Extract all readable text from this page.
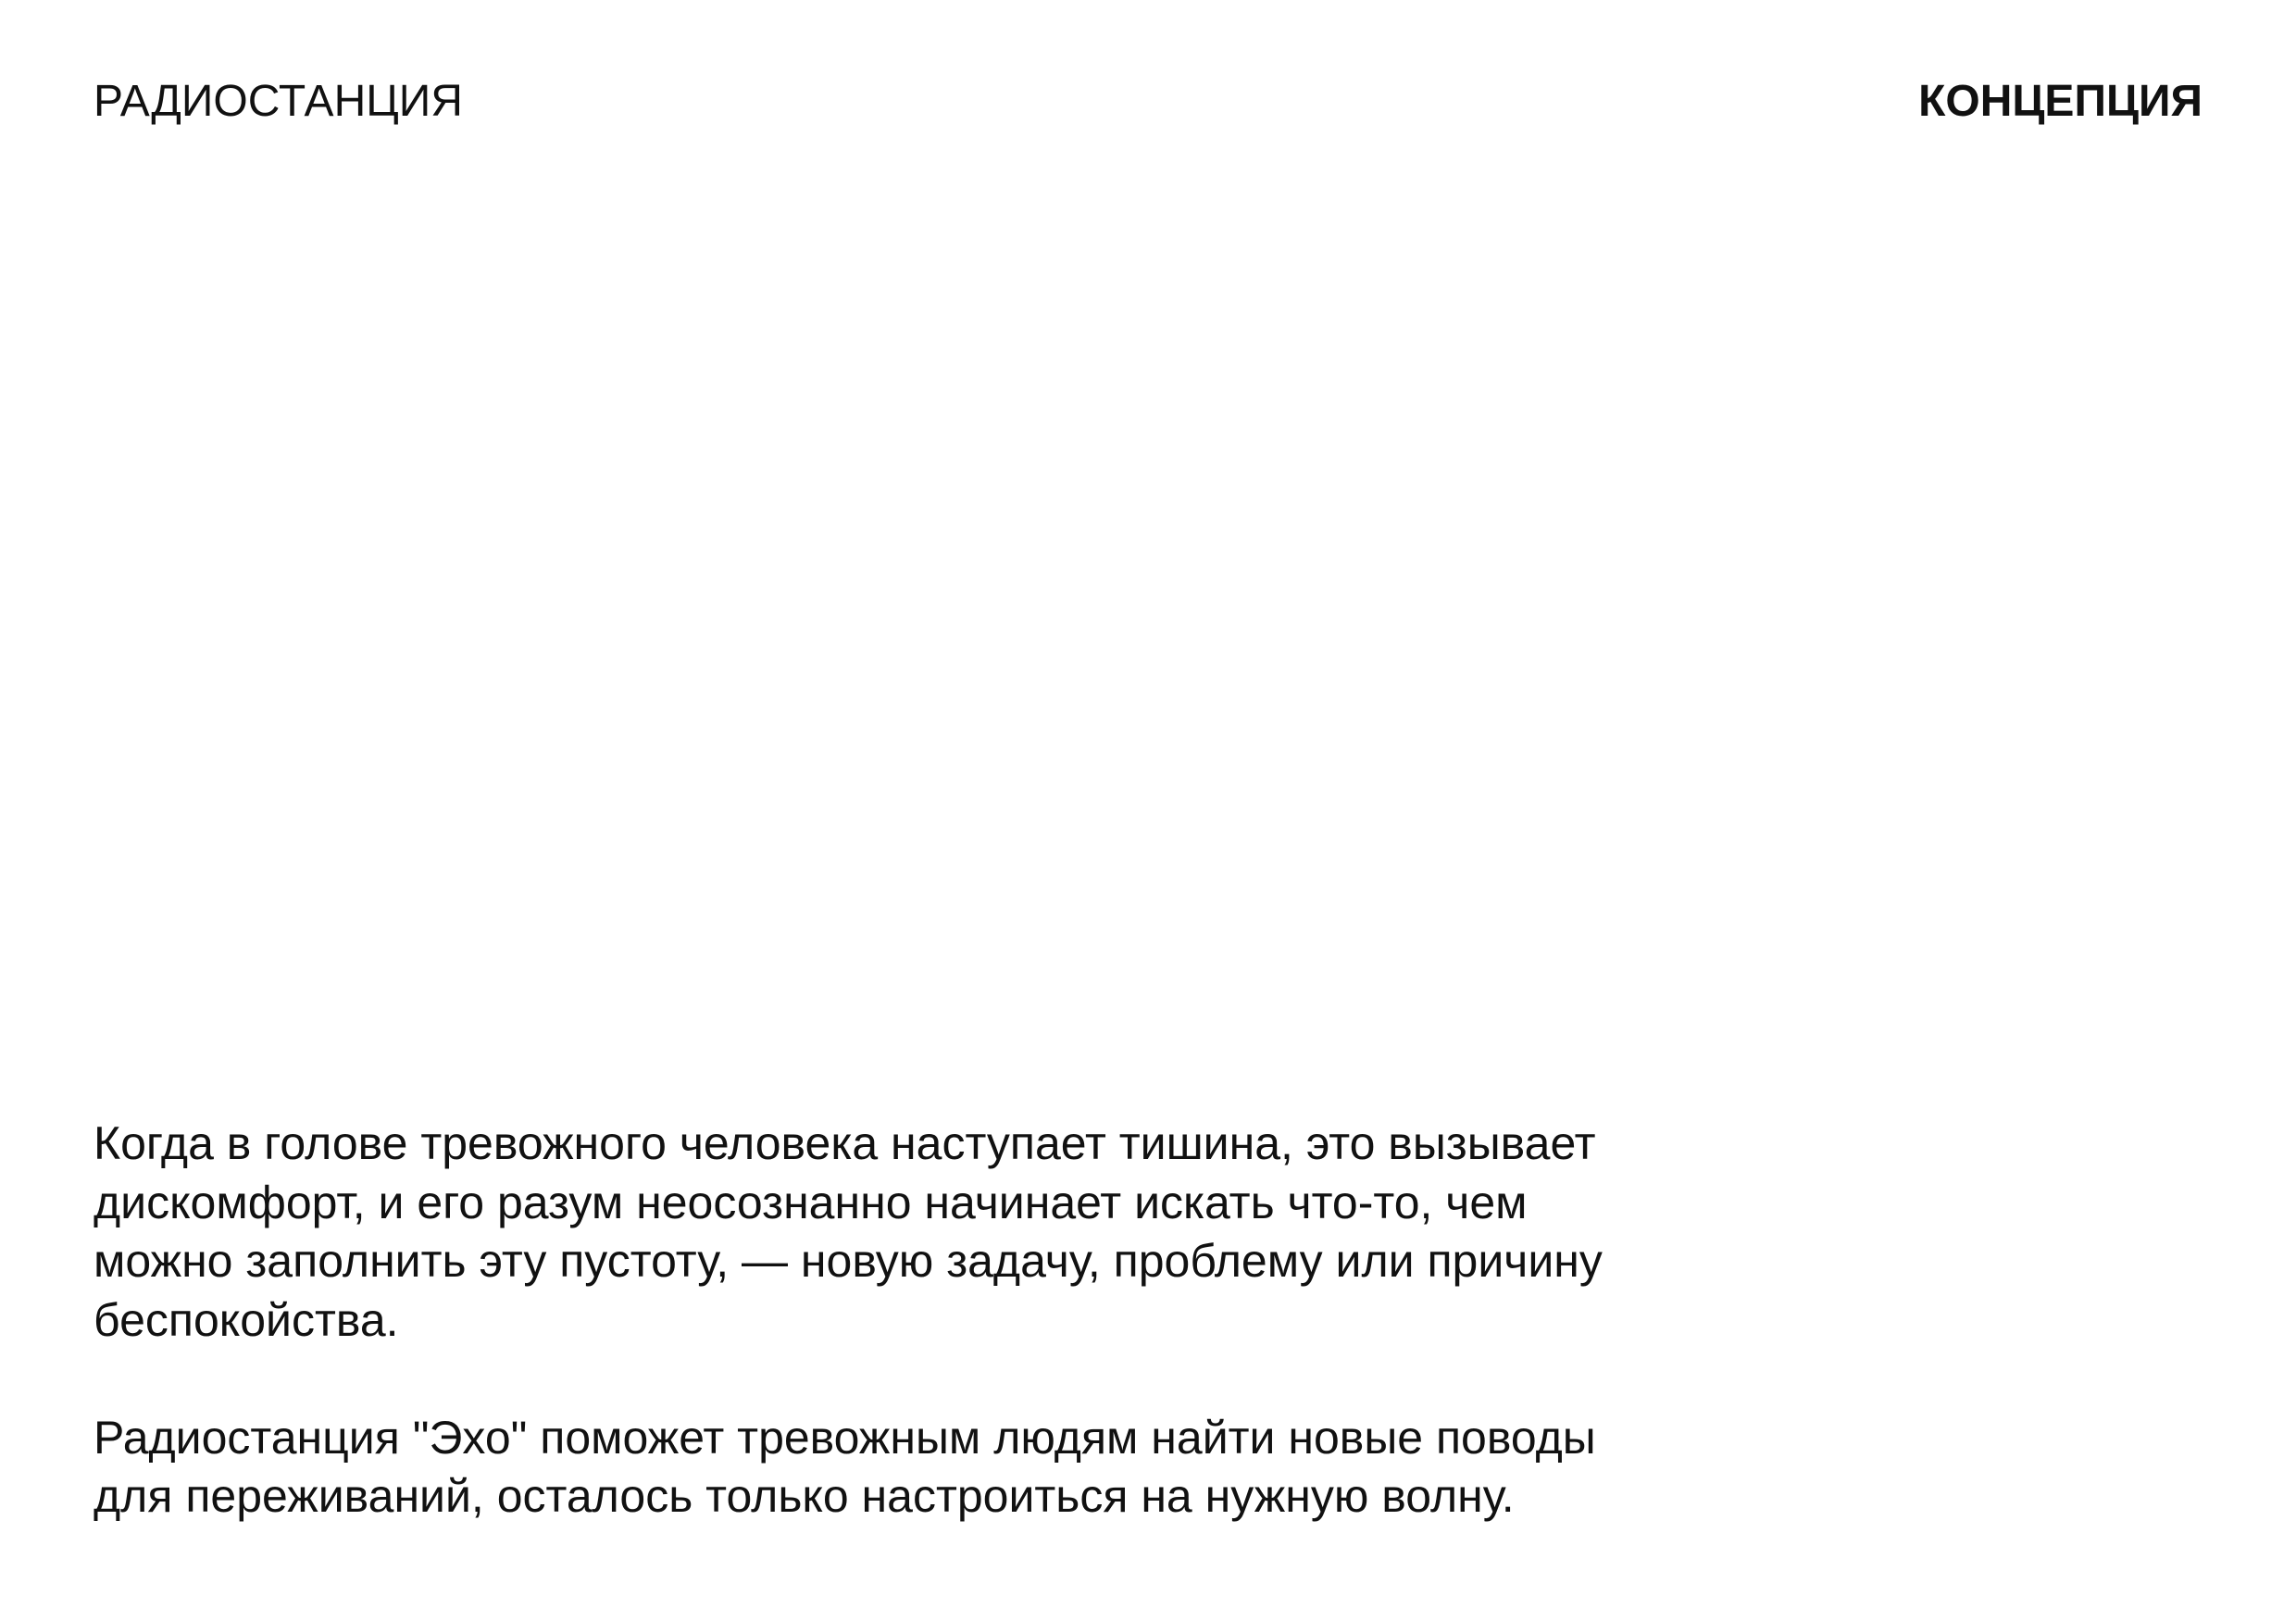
РАДИОСТАНЦИЯ	КОНЦЕПЦИЯ

Когда в голове тревожного человека наступает тишина, это вызывает
дискомфорт, и его разум неосознанно начинает искать что-то, чем
можно заполнить эту пустоту, — новую задачу, проблему или причину
беспокойства.

Радиостанция "Эхо" поможет тревожным людям найти новые поводы
для переживаний, осталось только настроиться на нужную волну.
